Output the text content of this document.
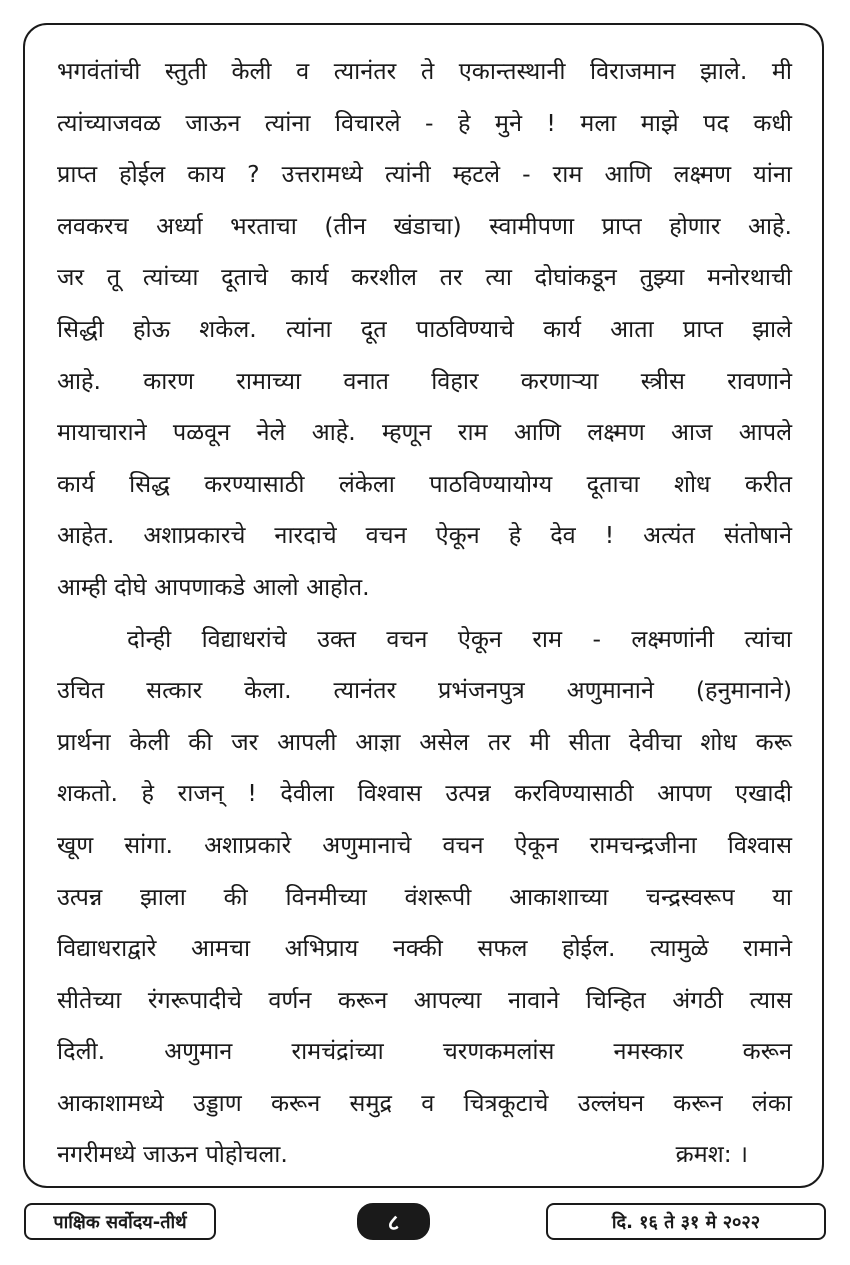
भगवंतांची स्तुती केली व त्यानंतर ते एकान्तस्थानी विराजमान झाले. मी
त्यांच्याजवळ जाऊन त्यांना विचारले - हे मुने ! मला माझे पद कधी
प्राप्त होईल काय ? उत्तरामध्ये त्यांनी म्हटले - राम आणि लक्ष्मण यांना
लवकरच अर्ध्या भरताचा (तीन खंडाचा) स्वामीपणा प्राप्त होणार आहे.
जर तू त्यांच्या दूताचे कार्य करशील तर त्या दोघांकडून तुझ्या मनोरथाची
सिद्धी होऊ शकेल. त्यांना दूत पाठविण्याचे कार्य आता प्राप्त झाले
आहे. कारण रामाच्या वनात विहार करणाऱ्या स्त्रीस रावणाने
मायाचाराने पळवून नेले आहे. म्हणून राम आणि लक्ष्मण आज आपले
कार्य सिद्ध करण्यासाठी लंकेला पाठविण्यायोग्य दूताचा शोध करीत
आहेत. अशाप्रकारचे नारदाचे वचन ऐकून हे देव ! अत्यंत संतोषाने
आम्ही दोघे आपणाकडे आलो आहोत.
दोन्ही विद्याधरांचे उक्त वचन ऐकून राम - लक्ष्मणांनी त्यांचा
उचित सत्कार केला. त्यानंतर प्रभंजनपुत्र अणुमानाने (हनुमानाने)
प्रार्थना केली की जर आपली आज्ञा असेल तर मी सीता देवीचा शोध करू
शकतो. हे राजन् ! देवीला विश्वास उत्पन्न करविण्यासाठी आपण एखादी
खूण सांगा. अशाप्रकारे अणुमानाचे वचन ऐकून रामचन्द्रजीना विश्वास
उत्पन्न झाला की विनमीच्या वंशरूपी आकाशाच्या चन्द्रस्वरूप या
विद्याधराद्वारे आमचा अभिप्राय नक्की सफल होईल. त्यामुळे रामाने
सीतेच्या रंगरूपादीचे वर्णन करून आपल्या नावाने चिन्हित अंगठी त्यास
दिली. अणुमान रामचंद्रांच्या चरणकमलांस नमस्कार करून
आकाशामध्ये उड्डाण करून समुद्र व चित्रकूटाचे उल्लंघन करून लंका
नगरीमध्ये जाऊन पोहोचला.	क्रमश: ।
पाक्षिक सर्वोदय-तीर्थ	८	दि. १६ ते ३१ मे २०२२
